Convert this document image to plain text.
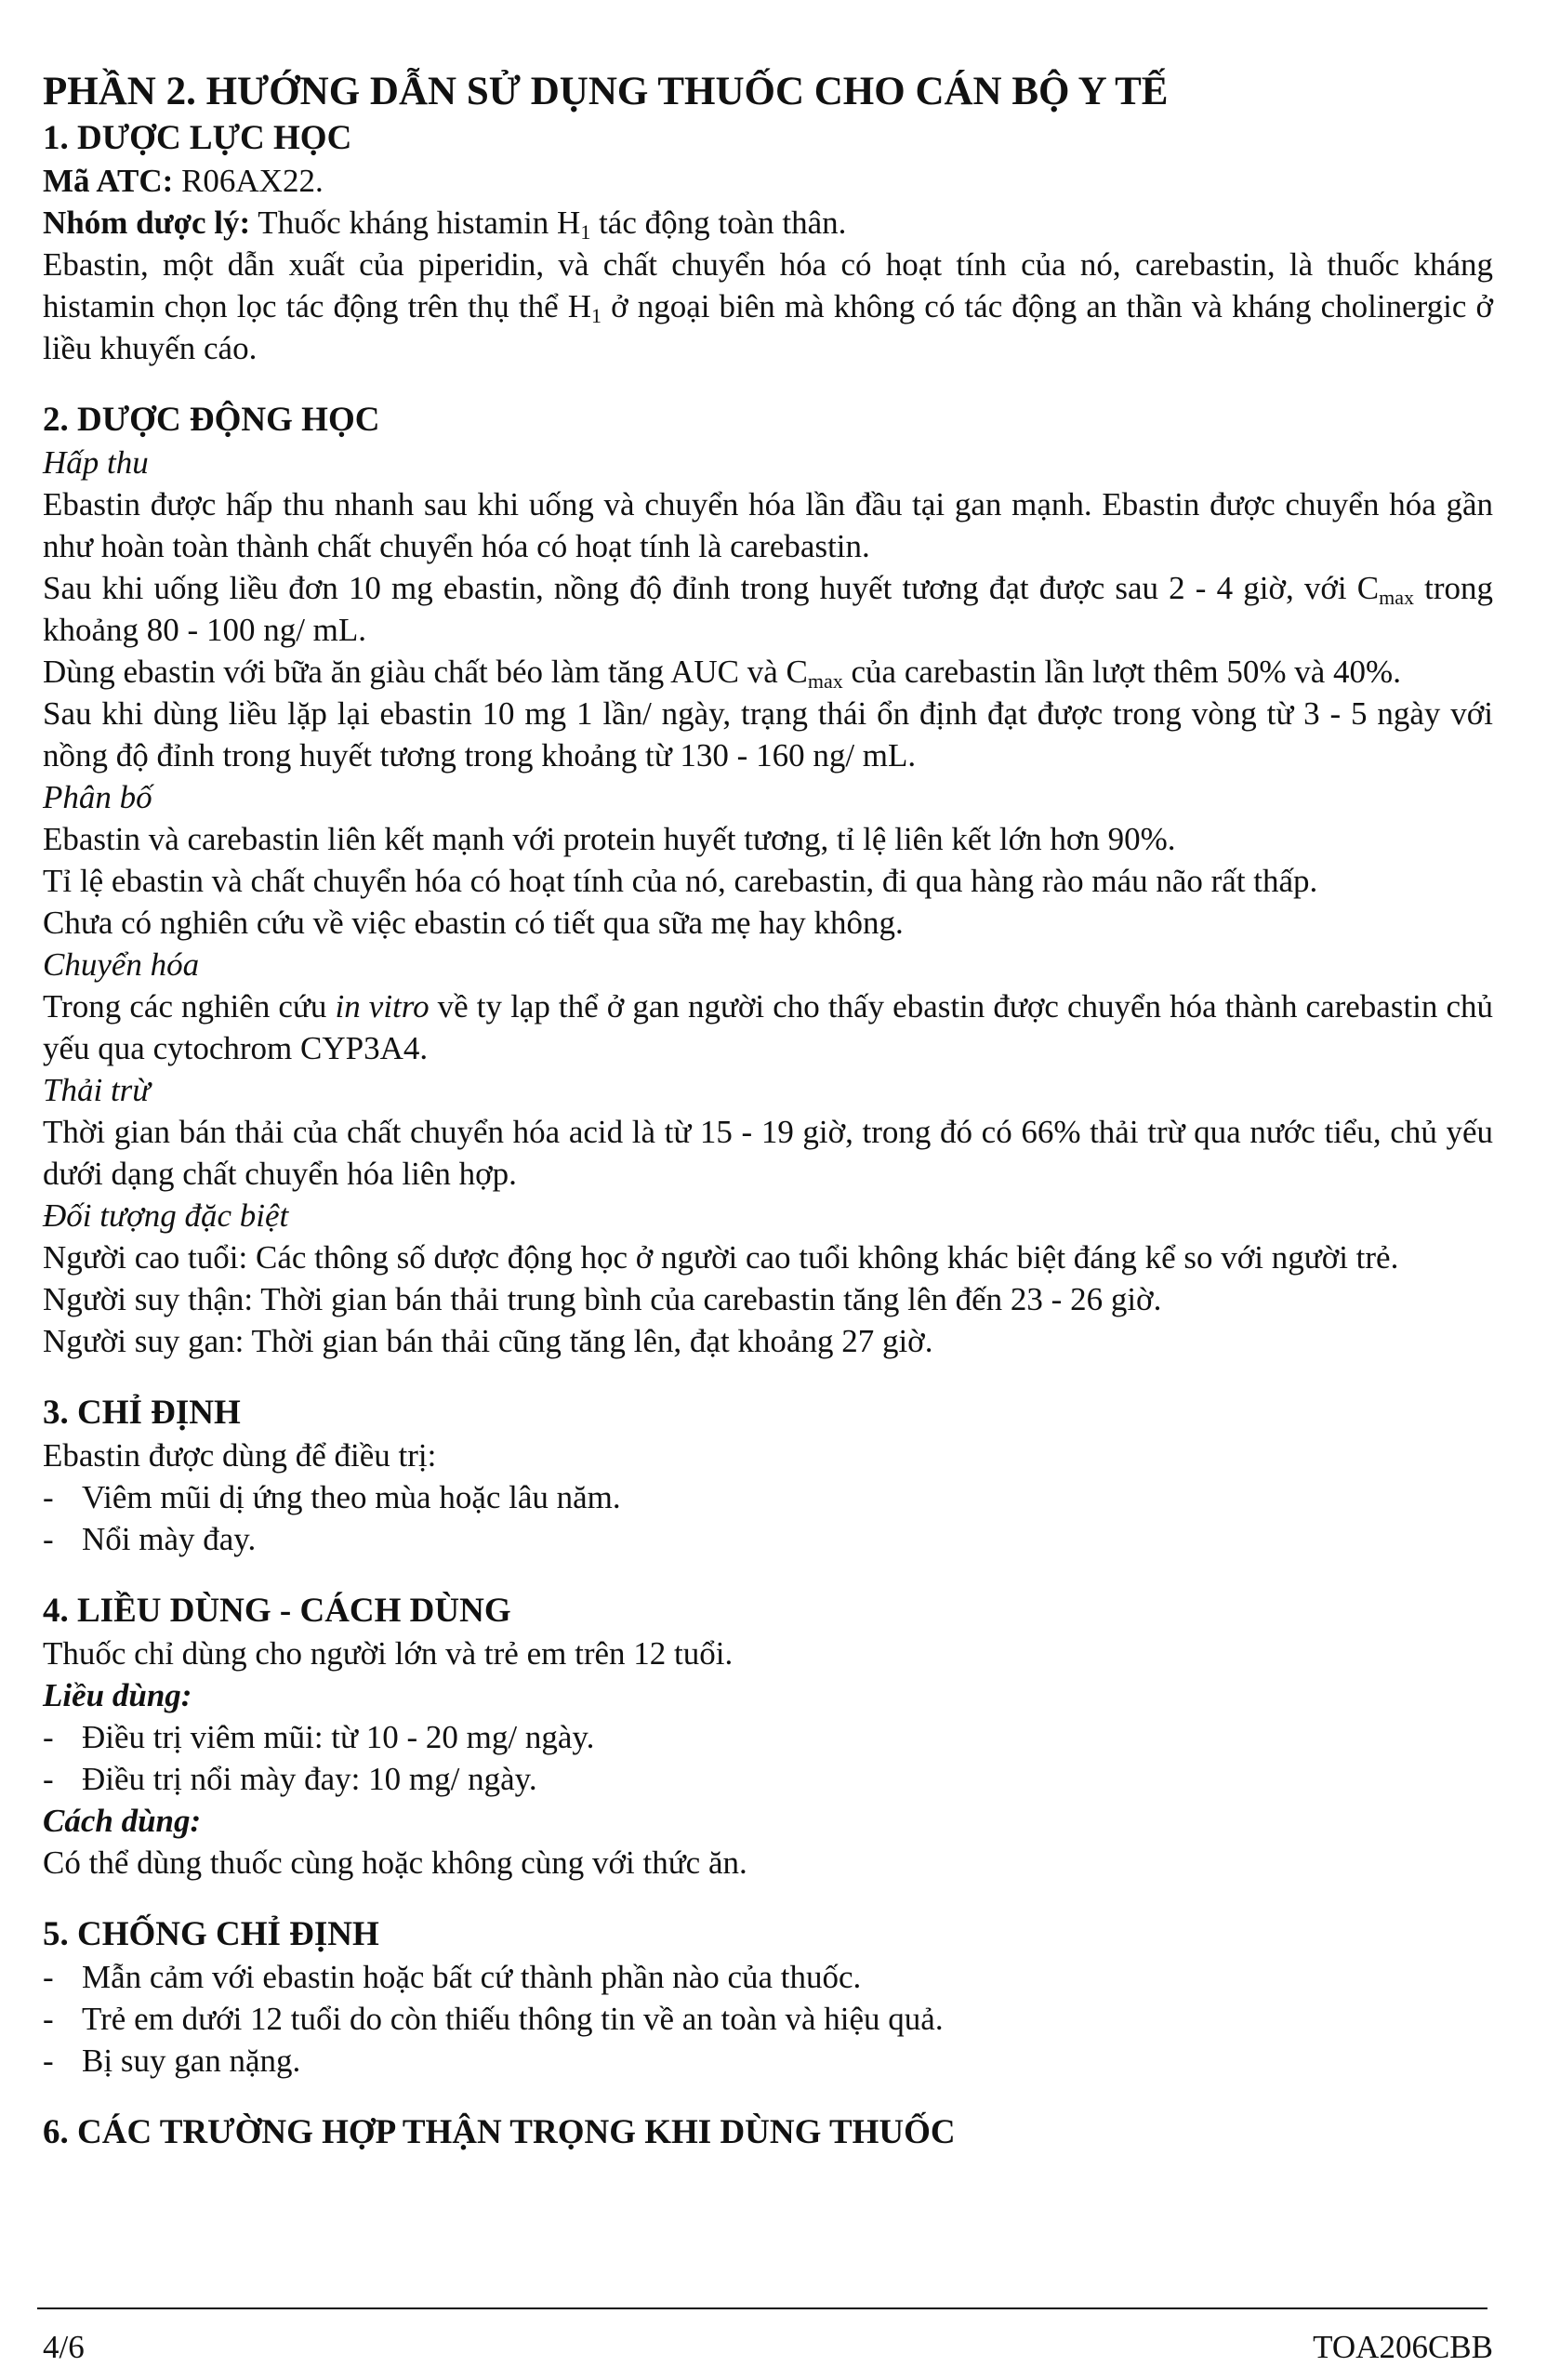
PHẦN 2. HƯỚNG DẪN SỬ DỤNG THUỐC CHO CÁN BỘ Y TẾ
1. DƯỢC LỰC HỌC
Mã ATC: R06AX22.
Nhóm dược lý: Thuốc kháng histamin $H_1$ tác động toàn thân.
Ebastin, một dẫn xuất của piperidin, và chất chuyển hóa có hoạt tính của nó, carebastin, là thuốc kháng histamin chọn lọc tác động trên thụ thể $H_1$ ở ngoại biên mà không có tác động an thần và kháng cholinergic ở liều khuyến cáo.
2. DƯỢC ĐỘNG HỌC
Hấp thu
Ebastin được hấp thu nhanh sau khi uống và chuyển hóa lần đầu tại gan mạnh. Ebastin được chuyển hóa gần như hoàn toàn thành chất chuyển hóa có hoạt tính là carebastin.
Sau khi uống liều đơn 10 mg ebastin, nồng độ đỉnh trong huyết tương đạt được sau 2 - 4 giờ, với $C_{max}$ trong khoảng 80 - 100 ng/ mL.
Dùng ebastin với bữa ăn giàu chất béo làm tăng AUC và $C_{max}$ của carebastin lần lượt thêm 50% và 40%.
Sau khi dùng liều lặp lại ebastin 10 mg 1 lần/ ngày, trạng thái ổn định đạt được trong vòng từ 3 - 5 ngày với nồng độ đỉnh trong huyết tương trong khoảng từ 130 - 160 ng/ mL.
Phân bố
Ebastin và carebastin liên kết mạnh với protein huyết tương, tỉ lệ liên kết lớn hơn 90%.
Tỉ lệ ebastin và chất chuyển hóa có hoạt tính của nó, carebastin, đi qua hàng rào máu não rất thấp.
Chưa có nghiên cứu về việc ebastin có tiết qua sữa mẹ hay không.
Chuyển hóa
Trong các nghiên cứu in vitro về ty lạp thể ở gan người cho thấy ebastin được chuyển hóa thành carebastin chủ yếu qua cytochrom CYP3A4.
Thải trừ
Thời gian bán thải của chất chuyển hóa acid là từ 15 - 19 giờ, trong đó có 66% thải trừ qua nước tiểu, chủ yếu dưới dạng chất chuyển hóa liên hợp.
Đối tượng đặc biệt
Người cao tuổi: Các thông số dược động học ở người cao tuổi không khác biệt đáng kể so với người trẻ.
Người suy thận: Thời gian bán thải trung bình của carebastin tăng lên đến 23 - 26 giờ.
Người suy gan: Thời gian bán thải cũng tăng lên, đạt khoảng 27 giờ.
3. CHỈ ĐỊNH
Ebastin được dùng để điều trị:
- Viêm mũi dị ứng theo mùa hoặc lâu năm.
- Nổi mày đay.
4. LIỀU DÙNG - CÁCH DÙNG
Thuốc chỉ dùng cho người lớn và trẻ em trên 12 tuổi.
Liều dùng:
- Điều trị viêm mũi: từ 10 - 20 mg/ ngày.
- Điều trị nổi mày đay: 10 mg/ ngày.
Cách dùng:
Có thể dùng thuốc cùng hoặc không cùng với thức ăn.
5. CHỐNG CHỈ ĐỊNH
- Mẫn cảm với ebastin hoặc bất cứ thành phần nào của thuốc.
- Trẻ em dưới 12 tuổi do còn thiếu thông tin về an toàn và hiệu quả.
- Bị suy gan nặng.
6. CÁC TRƯỜNG HỢP THẬN TRỌNG KHI DÙNG THUỐC
4/6	TOA206CBB
